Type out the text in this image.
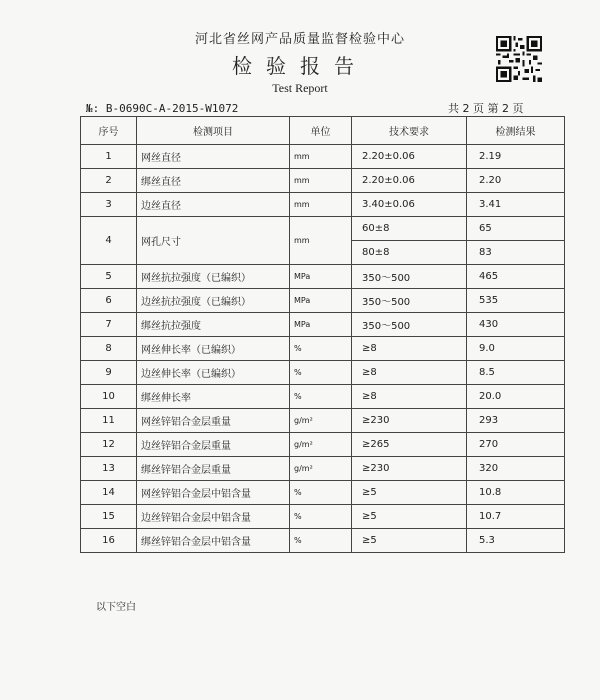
河北省丝网产品质量监督检验中心
检验报告
Test Report
№: B-0690C-A-2015-W1072	共 2 页 第 2 页
序号	检测项目	单位	技术要求	检测结果
1	网丝直径	mm	2.20±0.06	2.19
2	绑丝直径	mm	2.20±0.06	2.20
3	边丝直径	mm	3.40±0.06	3.41
4	网孔尺寸	mm	60±8	65
			80±8	83
5	网丝抗拉强度（已编织）	MPa	350～500	465
6	边丝抗拉强度（已编织）	MPa	350～500	535
7	绑丝抗拉强度	MPa	350～500	430
8	网丝伸长率（已编织）	%	≥8	9.0
9	边丝伸长率（已编织）	%	≥8	8.5
10	绑丝伸长率	%	≥8	20.0
11	网丝锌铝合金层重量	g/m²	≥230	293
12	边丝锌铝合金层重量	g/m²	≥265	270
13	绑丝锌铝合金层重量	g/m²	≥230	320
14	网丝锌铝合金层中铝含量	%	≥5	10.8
15	边丝锌铝合金层中铝含量	%	≥5	10.7
16	绑丝锌铝合金层中铝含量	%	≥5	5.3
以下空白
